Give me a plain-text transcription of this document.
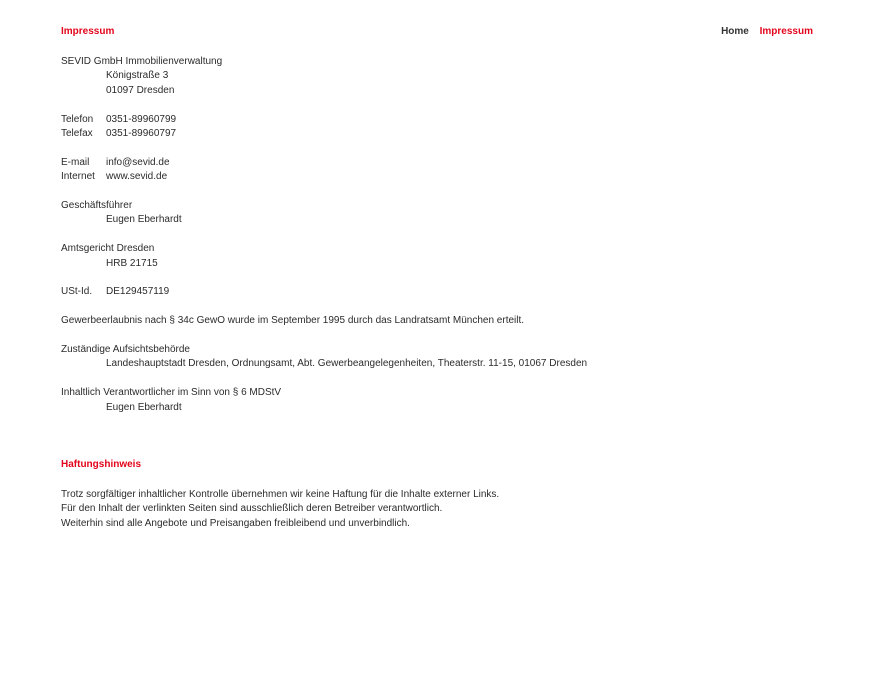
Home Impressum
Impressum
SEVID GmbH Immobilienverwaltung
Königstraße 3
01097 Dresden
Telefon	0351-89960799
Telefax	0351-89960797
E-mail	info@sevid.de
Internet	www.sevid.de
Geschäftsführer
Eugen Eberhardt
Amtsgericht Dresden
HRB 21715
USt-Id.	DE129457119
Gewerbeerlaubnis nach § 34c GewO wurde im September 1995 durch das Landratsamt München erteilt.
Zuständige Aufsichtsbehörde
Landeshauptstadt Dresden, Ordnungsamt, Abt. Gewerbeangelegenheiten, Theaterstr. 11-15, 01067 Dresden
Inhaltlich Verantwortlicher im Sinn von § 6 MDStV
Eugen Eberhardt
Haftungshinweis
Trotz sorgfältiger inhaltlicher Kontrolle übernehmen wir keine Haftung für die Inhalte externer Links.
Für den Inhalt der verlinkten Seiten sind ausschließlich deren Betreiber verantwortlich.
Weiterhin sind alle Angebote und Preisangaben freibleibend und unverbindlich.
